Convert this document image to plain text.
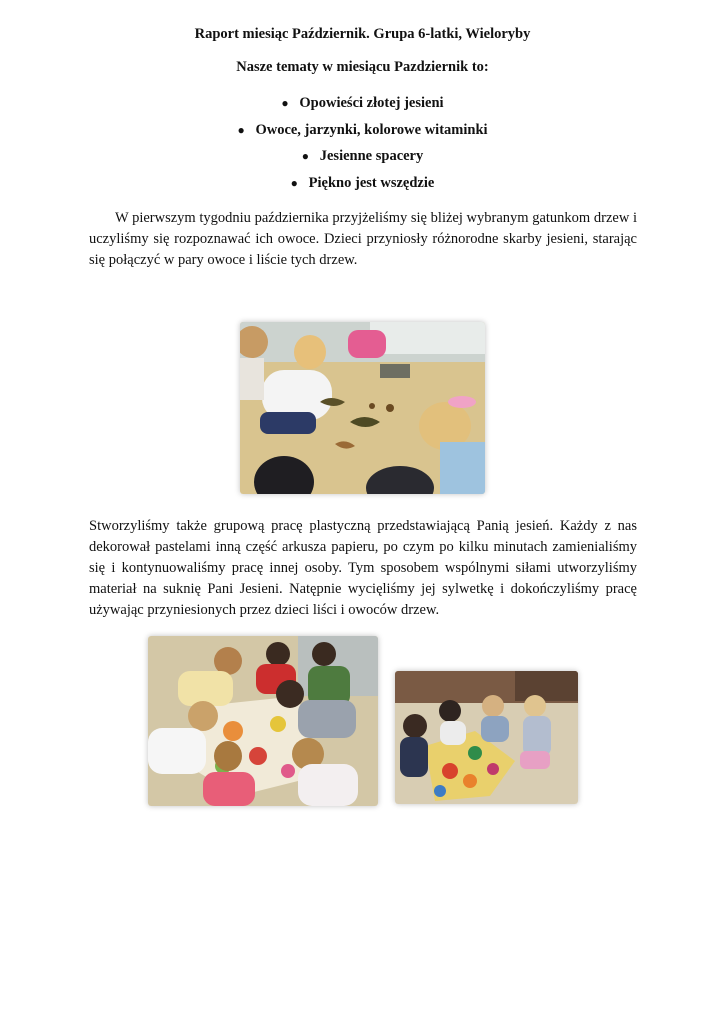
Raport miesiąc Październik. Grupa 6-latki, Wieloryby
Nasze tematy w miesiącu Pazdziernik to:
● Opowieści złotej jesieni
● Owoce, jarzynki, kolorowe witaminki
● Jesienne spacery
● Piękno jest wszędzie

W pierwszym tygodniu października przyjżeliśmy się bliżej wybranym gatunkom drzew i uczyliśmy się rozpoznawać ich owoce. Dzieci przyniosły różnorodne skarby jesieni, starając się połączyć w pary owoce i liście tych drzew.

Stworzyliśmy także grupową pracę plastyczną przedstawiającą Panią jesień. Każdy z nas dekorował pastelami inną część arkusza papieru, po czym po kilku minutach zamienialiśmy się i kontynuowaliśmy pracę innej osoby. Tym sposobem wspólnymi siłami utworzyliśmy materiał na suknię Pani Jesieni. Natępnie wycięliśmy jej sylwetkę i dokończyliśmy pracę używając przyniesionych przez dzieci liści i owoców drzew.
